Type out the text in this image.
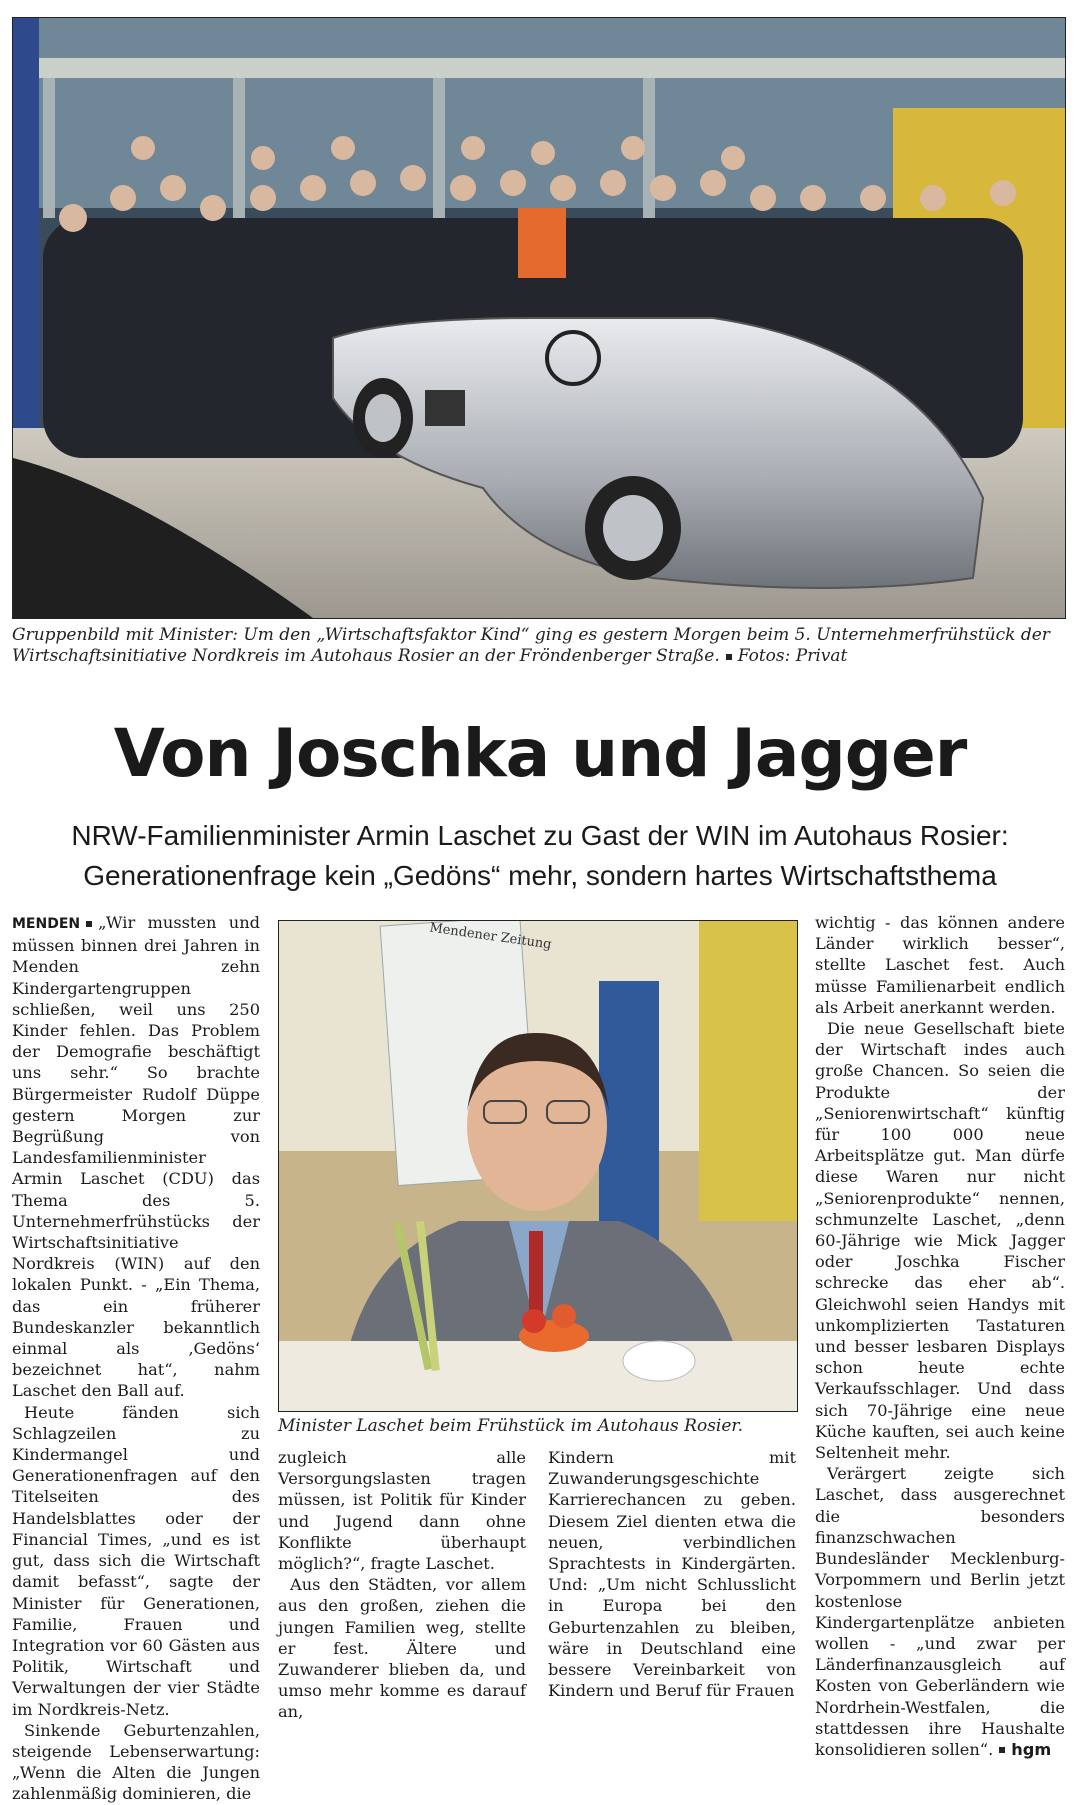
Gruppenbild mit Minister: Um den „Wirtschaftsfaktor Kind“ ging es gestern Morgen beim 5. Unternehmerfrühstück der Wirtschaftsinitiative Nordkreis im Autohaus Rosier an der Fröndenberger Straße. Fotos: Privat
Von Joschka und Jagger
NRW-Familienminister Armin Laschet zu Gast der WIN im Autohaus Rosier:
Generationenfrage kein „Gedöns“ mehr, sondern hartes Wirtschaftsthema

MENDEN „Wir mussten und müssen binnen drei Jahren in Menden zehn Kindergartengruppen schließen, weil uns 250 Kinder fehlen. Das Problem der Demografie beschäftigt uns sehr.“ So brachte Bürgermeister Rudolf Düppe gestern Morgen zur Begrüßung von Landesfamilienminister Armin Laschet (CDU) das Thema des 5. Unternehmerfrühstücks der Wirtschaftsinitiative Nordkreis (WIN) auf den lokalen Punkt. - „Ein Thema, das ein früherer Bundeskanzler bekanntlich einmal als ‚Gedöns‘ bezeichnet hat“, nahm Laschet den Ball auf.

Heute fänden sich Schlagzeilen zu Kindermangel und Generationenfragen auf den Titelseiten des Handelsblattes oder der Financial Times, „und es ist gut, dass sich die Wirtschaft damit befasst“, sagte der Minister für Generationen, Familie, Frauen und Integration vor 60 Gästen aus Politik, Wirtschaft und Verwaltungen der vier Städte im Nordkreis-Netz.

Sinkende Geburtenzahlen, steigende Lebenserwartung: „Wenn die Alten die Jungen zahlenmäßig dominieren, die

Mendener Zeitung
Minister Laschet beim Frühstück im Autohaus Rosier.

zugleich alle Versorgungslasten tragen müssen, ist Politik für Kinder und Jugend dann ohne Konflikte überhaupt möglich?“, fragte Laschet.

Aus den Städten, vor allem aus den großen, ziehen die jungen Familien weg, stellte er fest. Ältere und Zuwanderer blieben da, und umso mehr komme es darauf an,

Kindern mit Zuwanderungsgeschichte Karrierechancen zu geben. Diesem Ziel dienten etwa die neuen, verbindlichen Sprachtests in Kindergärten. Und: „Um nicht Schlusslicht in Europa bei den Geburtenzahlen zu bleiben, wäre in Deutschland eine bessere Vereinbarkeit von Kindern und Beruf für Frauen

wichtig - das können andere Länder wirklich besser“, stellte Laschet fest. Auch müsse Familienarbeit endlich als Arbeit anerkannt werden.

Die neue Gesellschaft biete der Wirtschaft indes auch große Chancen. So seien die Produkte der „Seniorenwirtschaft“ künftig für 100 000 neue Arbeitsplätze gut. Man dürfe diese Waren nur nicht „Seniorenprodukte“ nennen, schmunzelte Laschet, „denn 60-Jährige wie Mick Jagger oder Joschka Fischer schrecke das eher ab“. Gleichwohl seien Handys mit unkomplizierten Tastaturen und besser lesbaren Displays schon heute echte Verkaufsschlager. Und dass sich 70-Jährige eine neue Küche kauften, sei auch keine Seltenheit mehr.

Verärgert zeigte sich Laschet, dass ausgerechnet die besonders finanzschwachen Bundesländer Mecklenburg-Vorpommern und Berlin jetzt kostenlose Kindergartenplätze anbieten wollen - „und zwar per Länderfinanzausgleich auf Kosten von Geberländern wie Nordrhein-Westfalen, die stattdessen ihre Haushalte konsolidieren sollen“. hgm
